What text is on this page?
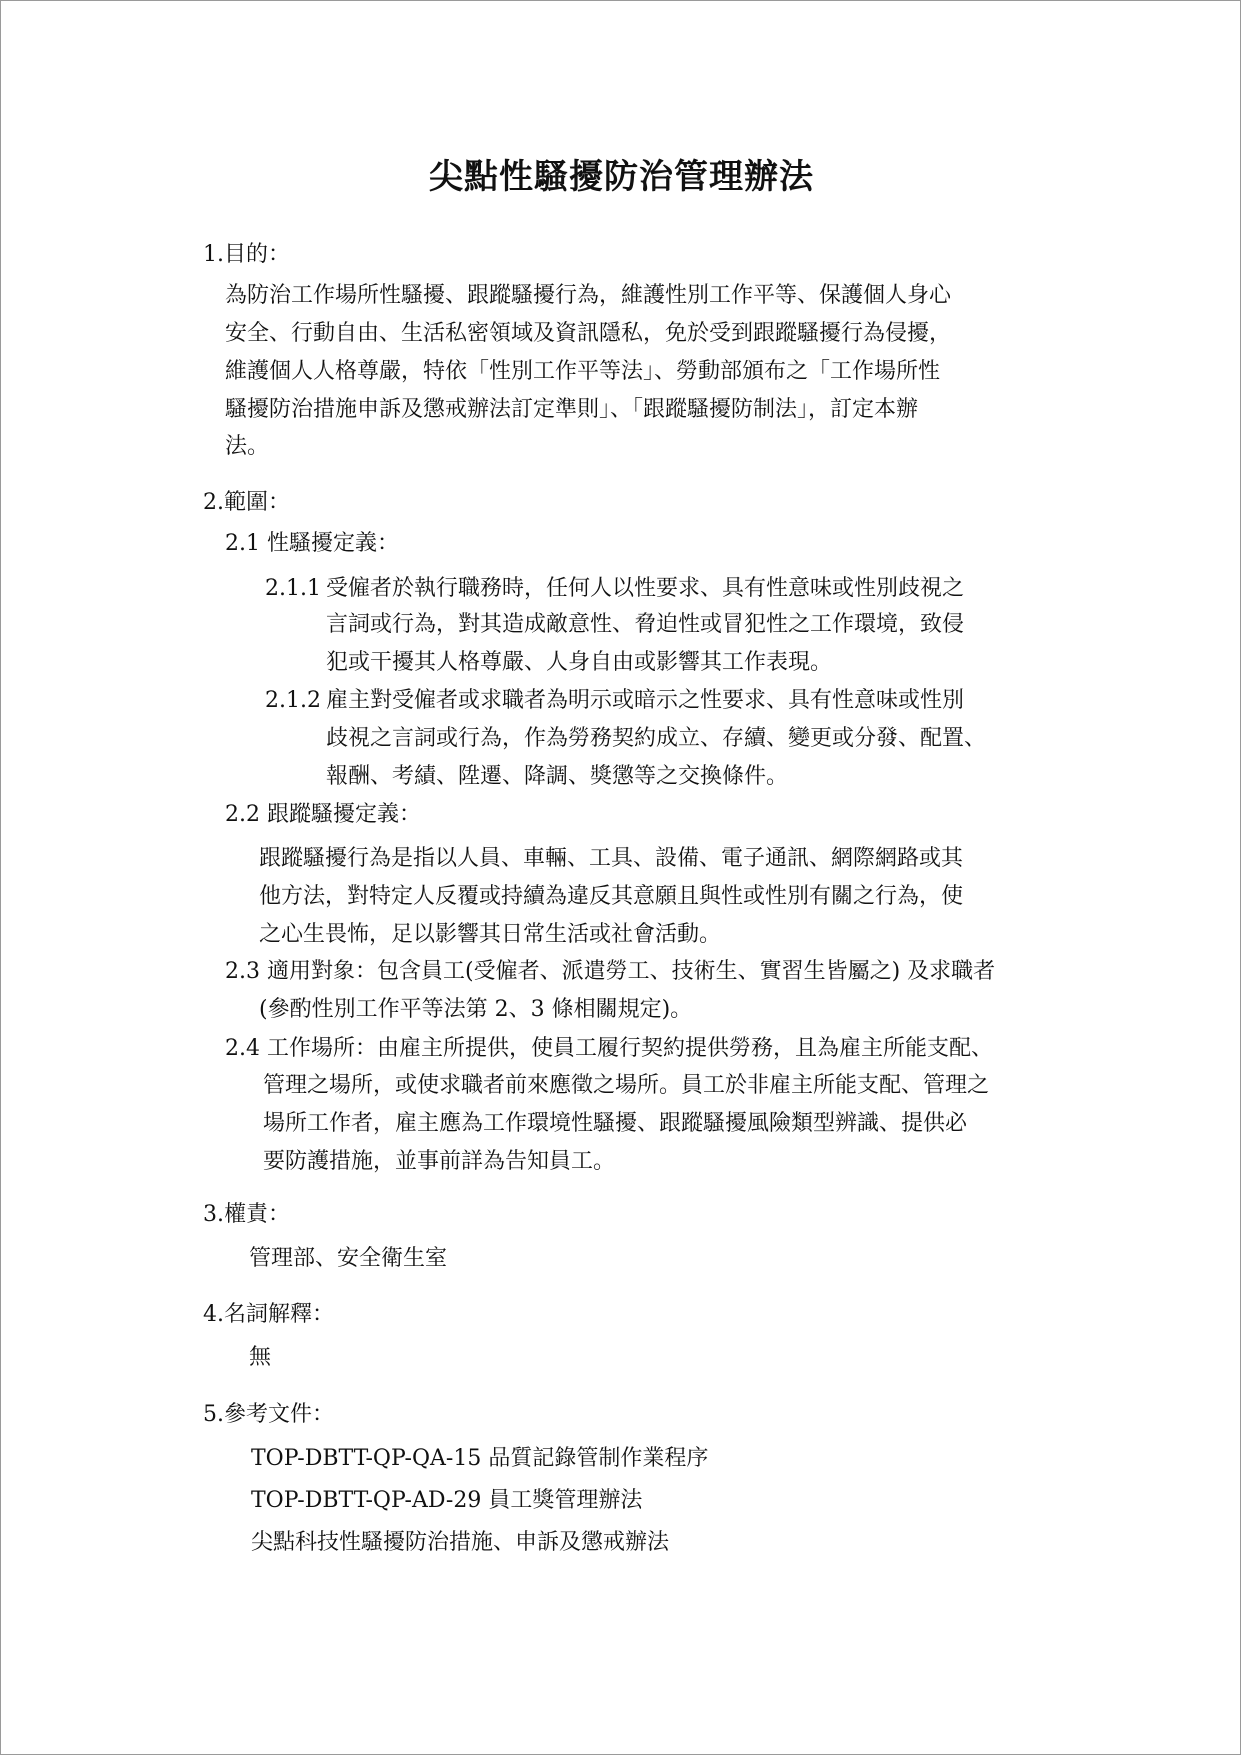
尖點性騷擾防治管理辦法
1.目的：
為防治工作場所性騷擾、跟蹤騷擾行為，維護性別工作平等、保護個人身心
安全、行動自由、生活私密領域及資訊隱私，免於受到跟蹤騷擾行為侵擾，
維護個人人格尊嚴，特依「性別工作平等法」、勞動部頒布之「工作場所性
騷擾防治措施申訴及懲戒辦法訂定準則」、「跟蹤騷擾防制法」，訂定本辦
法。
2.範圍：
2.1 性騷擾定義：
2.1.1 受僱者於執行職務時，任何人以性要求、具有性意味或性別歧視之
言詞或行為，對其造成敵意性、脅迫性或冒犯性之工作環境，致侵
犯或干擾其人格尊嚴、人身自由或影響其工作表現。
2.1.2 雇主對受僱者或求職者為明示或暗示之性要求、具有性意味或性別
歧視之言詞或行為，作為勞務契約成立、存續、變更或分發、配置、
報酬、考績、陞遷、降調、獎懲等之交換條件。
2.2 跟蹤騷擾定義：
跟蹤騷擾行為是指以人員、車輛、工具、設備、電子通訊、網際網路或其
他方法，對特定人反覆或持續為違反其意願且與性或性別有關之行為，使
之心生畏怖，足以影響其日常生活或社會活動。
2.3 適用對象：包含員工(受僱者、派遣勞工、技術生、實習生皆屬之) 及求職者
(參酌性別工作平等法第 2、3 條相關規定)。
2.4 工作場所：由雇主所提供，使員工履行契約提供勞務，且為雇主所能支配、
管理之場所，或使求職者前來應徵之場所。員工於非雇主所能支配、管理之
場所工作者，雇主應為工作環境性騷擾、跟蹤騷擾風險類型辨識、提供必
要防護措施，並事前詳為告知員工。
3.權責：
管理部、安全衛生室
4.名詞解釋：
無
5.參考文件：
TOP-DBTT-QP-QA-15 品質記錄管制作業程序
TOP-DBTT-QP-AD-29 員工獎管理辦法
尖點科技性騷擾防治措施、申訴及懲戒辦法
